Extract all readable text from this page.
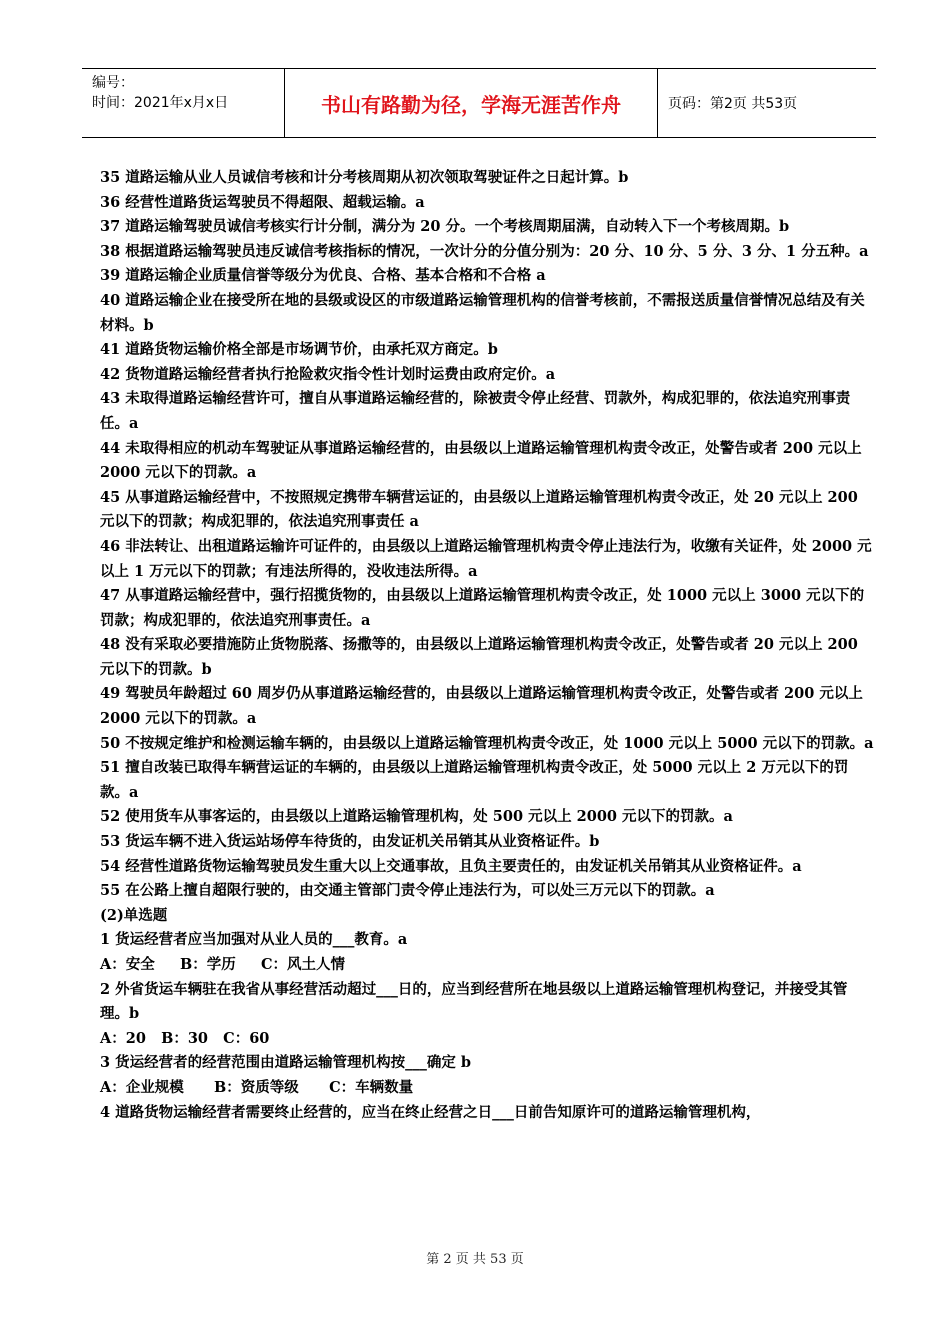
编号：
时间：2021年x月x日	书山有路勤为径，学海无涯苦作舟	页码：第2页 共53页

35 道路运输从业人员诚信考核和计分考核周期从初次领取驾驶证件之日起计算。b

36 经营性道路货运驾驶员不得超限、超载运输。a

37 道路运输驾驶员诚信考核实行计分制，满分为 20 分。一个考核周期届满，自动转入下一个考核周期。b

38 根据道路运输驾驶员违反诚信考核指标的情况，一次计分的分值分别为：20 分、10 分、5 分、3 分、1 分五种。a

39 道路运输企业质量信誉等级分为优良、合格、基本合格和不合格 a

40 道路运输企业在接受所在地的县级或设区的市级道路运输管理机构的信誉考核前，不需报送质量信誉情况总结及有关材料。b

41 道路货物运输价格全部是市场调节价，由承托双方商定。b

42 货物道路运输经营者执行抢险救灾指令性计划时运费由政府定价。a

43 未取得道路运输经营许可，擅自从事道路运输经营的，除被责令停止经营、罚款外，构成犯罪的，依法追究刑事责任。a

44 未取得相应的机动车驾驶证从事道路运输经营的，由县级以上道路运输管理机构责令改正，处警告或者 200 元以上 2000 元以下的罚款。a

45 从事道路运输经营中，不按照规定携带车辆营运证的，由县级以上道路运输管理机构责令改正，处 20 元以上 200 元以下的罚款；构成犯罪的，依法追究刑事责任 a

46 非法转让、出租道路运输许可证件的，由县级以上道路运输管理机构责令停止违法行为，收缴有关证件，处 2000 元以上 1 万元以下的罚款；有违法所得的，没收违法所得。a

47 从事道路运输经营中，强行招揽货物的，由县级以上道路运输管理机构责令改正，处 1000 元以上 3000 元以下的罚款；构成犯罪的，依法追究刑事责任。a

48 没有采取必要措施防止货物脱落、扬撒等的，由县级以上道路运输管理机构责令改正，处警告或者 20 元以上 200 元以下的罚款。b

49 驾驶员年龄超过 60 周岁仍从事道路运输经营的，由县级以上道路运输管理机构责令改正，处警告或者 200 元以上 2000 元以下的罚款。a

50 不按规定维护和检测运输车辆的，由县级以上道路运输管理机构责令改正，处 1000 元以上 5000 元以下的罚款。a

51 擅自改装已取得车辆营运证的车辆的，由县级以上道路运输管理机构责令改正，处 5000 元以上 2 万元以下的罚款。a

52 使用货车从事客运的，由县级以上道路运输管理机构，处 500 元以上 2000 元以下的罚款。a

53 货运车辆不进入货运站场停车待货的，由发证机关吊销其从业资格证件。b

54 经营性道路货物运输驾驶员发生重大以上交通事故，且负主要责任的，由发证机关吊销其从业资格证件。a

55 在公路上擅自超限行驶的，由交通主管部门责令停止违法行为，可以处三万元以下的罚款。a

(2)单选题

1 货运经营者应当加强对从业人员的___教育。a

A：安全     B：学历     C：风土人情

2 外省货运车辆驻在我省从事经营活动超过___日的，应当到经营所在地县级以上道路运输管理机构登记，并接受其管理。b

A：20   B：30   C：60

3 货运经营者的经营范围由道路运输管理机构按___确定 b

A：企业规模      B：资质等级      C：车辆数量

4 道路货物运输经营者需要终止经营的，应当在终止经营之日___日前告知原许可的道路运输管理机构，

第 2 页 共 53 页
